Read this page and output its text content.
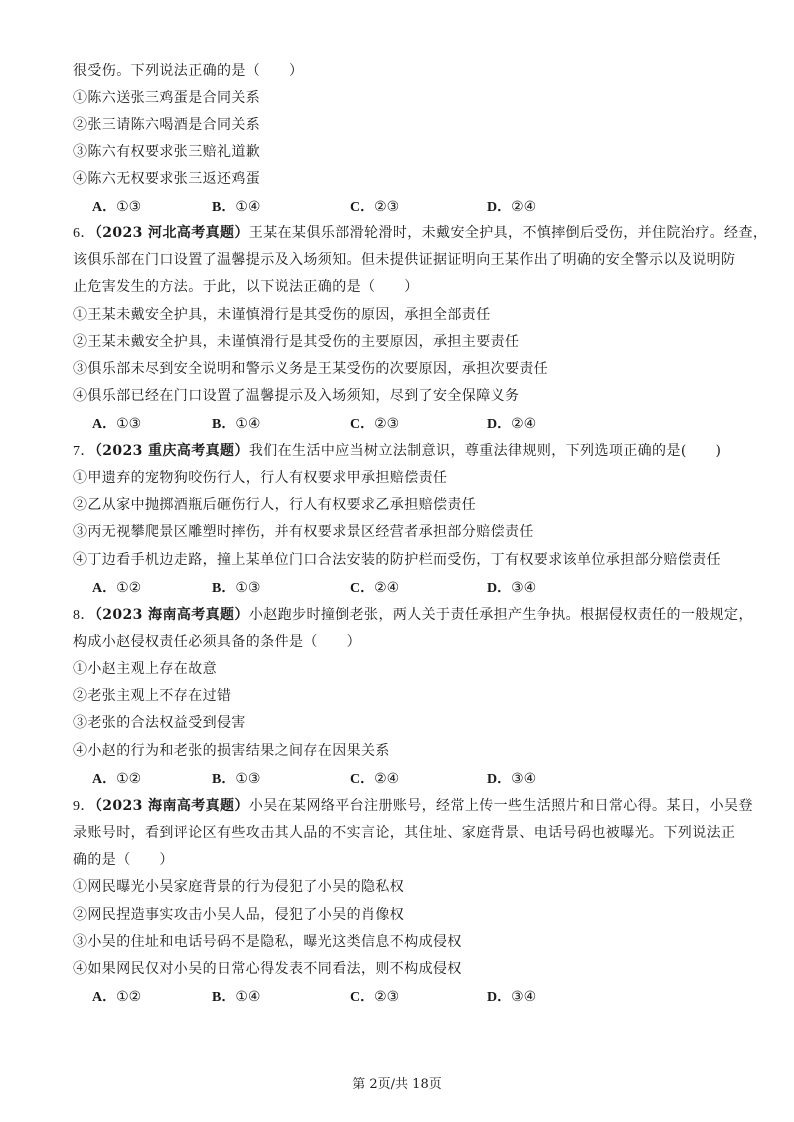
很受伤。下列说法正确的是（　　）
①陈六送张三鸡蛋是合同关系
②张三请陈六喝酒是合同关系
③陈六有权要求张三赔礼道歉
④陈六无权要求张三返还鸡蛋
A．①③	B．①④	C．②③	D．②④
6．（2023 河北高考真题）王某在某俱乐部滑轮滑时，未戴安全护具，不慎摔倒后受伤，并住院治疗。经查，
该俱乐部在门口设置了温馨提示及入场须知。但未提供证据证明向王某作出了明确的安全警示以及说明防
止危害发生的方法。于此，以下说法正确的是（　　）
①王某未戴安全护具，未谨慎滑行是其受伤的原因，承担全部责任
②王某未戴安全护具，未谨慎滑行是其受伤的主要原因，承担主要责任
③俱乐部未尽到安全说明和警示义务是王某受伤的次要原因，承担次要责任
④俱乐部已经在门口设置了温馨提示及入场须知，尽到了安全保障义务
A．①③	B．①④	C．②③	D．②④
7．（2023 重庆高考真题）我们在生活中应当树立法制意识，尊重法律规则，下列选项正确的是(　　)
①甲遗弃的宠物狗咬伤行人，行人有权要求甲承担赔偿责任
②乙从家中抛掷酒瓶后砸伤行人，行人有权要求乙承担赔偿责任
③丙无视攀爬景区雕塑时摔伤，并有权要求景区经营者承担部分赔偿责任
④丁边看手机边走路，撞上某单位门口合法安装的防护栏而受伤，丁有权要求该单位承担部分赔偿责任
A．①②	B．①③	C．②④	D．③④
8．（2023 海南高考真题）小赵跑步时撞倒老张，两人关于责任承担产生争执。根据侵权责任的一般规定，
构成小赵侵权责任必须具备的条件是（　　）
①小赵主观上存在故意
②老张主观上不存在过错
③老张的合法权益受到侵害
④小赵的行为和老张的损害结果之间存在因果关系
A．①②	B．①③	C．②④	D．③④
9．（2023 海南高考真题）小吴在某网络平台注册账号，经常上传一些生活照片和日常心得。某日，小吴登
录账号时，看到评论区有些攻击其人品的不实言论，其住址、家庭背景、电话号码也被曝光。下列说法正
确的是（　　）
①网民曝光小吴家庭背景的行为侵犯了小吴的隐私权
②网民捏造事实攻击小吴人品，侵犯了小吴的肖像权
③小吴的住址和电话号码不是隐私，曝光这类信息不构成侵权
④如果网民仅对小吴的日常心得发表不同看法，则不构成侵权
A．①②	B．①④	C．②③	D．③④
第 2页/共 18页
